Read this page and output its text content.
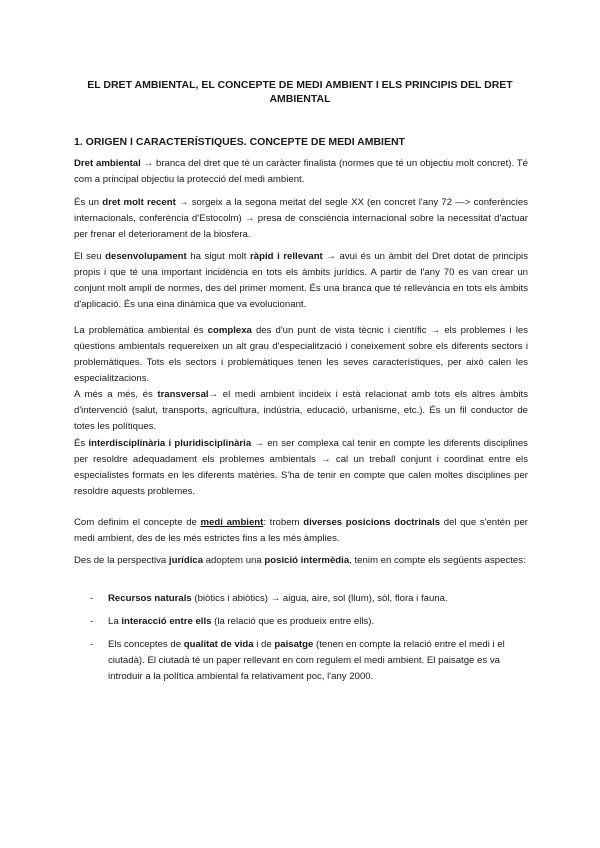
EL DRET AMBIENTAL, EL CONCEPTE DE MEDI AMBIENT I ELS PRINCIPIS DEL DRET AMBIENTAL
1. ORIGEN I CARACTERÍSTIQUES. CONCEPTE DE MEDI AMBIENT
Dret ambiental → branca del dret que té un caràcter finalista (normes que té un objectiu molt concret). Té com a principal objectiu la protecció del medi ambient.
És un dret molt recent → sorgeix a la segona meitat del segle XX (en concret l'any 72 —> conferències internacionals, conferència d'Estocolm) → presa de consciència internacional sobre la necessitat d'actuar per frenar el deteriorament de la biosfera.
El seu desenvolupament ha sigut molt ràpid i rellevant → avui és un àmbit del Dret dotat de principis propis i que té una important incidència en tots els àmbits jurídics. A partir de l'any 70 es van crear un conjunt molt ampli de normes, des del primer moment. És una branca que té rellevància en tots els àmbits d'aplicació. És una eina dinàmica que va evolucionant.
La problemàtica ambiental és complexa des d'un punt de vista tècnic i científic → els problemes i les qüestions ambientals requereixen un alt grau d'especialització i coneixement sobre els diferents sectors i problemàtiques. Tots els sectors i problemàtiques tenen les seves característiques, per això calen les especialitzacions.
A més a més, és transversal→ el medi ambient incideix i està relacionat amb tots els altres àmbits d'intervenció (salut, transports, agricultura, indústria, educació, urbanisme, etc.). És un fil conductor de totes les polítiques.
És interdisciplinària i pluridisciplinària → en ser complexa cal tenir en compte les diferents disciplines per resoldre adequadament els problemes ambientals → cal un treball conjunt i coordinat entre els especialistes formats en les diferents matèries. S'ha de tenir en compte que calen moltes disciplines per resoldre aquests problemes.
Com definim el concepte de medi ambient: trobem diverses posicions doctrinals del que s'entén per medi ambient, des de les més estrictes fins a les més àmplies.
Des de la perspectiva jurídica adoptem una posició intermèdia, tenim en compte els següents aspectes:
-	Recursos naturals (biòtics i abiòtics) → aigua, aire, sol (llum), sòl, flora i fauna.
-	La interacció entre ells (la relació que es produeix entre ells).
-	Els conceptes de qualitat de vida i de paisatge (tenen en compte la relació entre el medi i el ciutadà). El ciutadà té un paper rellevant en com regulem el medi ambient. El paisatge es va introduir a la política ambiental fa relativament poc, l'any 2000.
